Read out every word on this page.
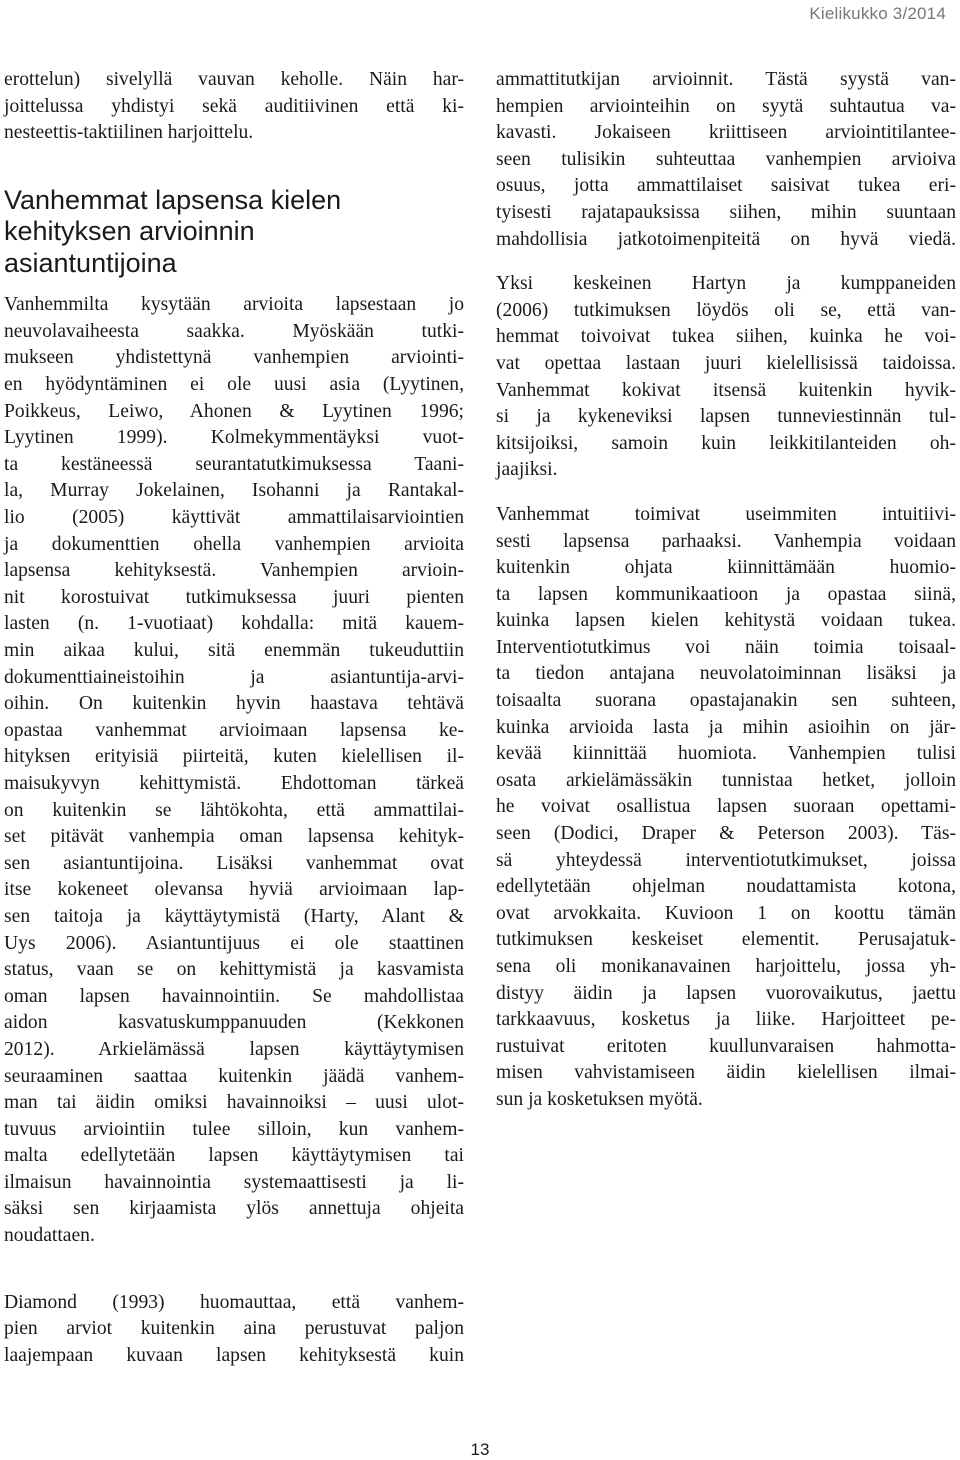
Kielikukko 3/2014
erottelun) sivelyllä vauvan keholle. Näin har-
joittelussa yhdistyi sekä auditiivinen että ki-
nesteettis-taktiilinen harjoittelu.
Vanhemmat lapsensa kielen
kehityksen arvioinnin
asiantuntijoina
Vanhemmilta kysytään arvioita lapsestaan jo
neuvolavaiheesta saakka. Myöskään tutki-
mukseen yhdistettynä vanhempien arviointi-
en hyödyntäminen ei ole uusi asia (Lyytinen,
Poikkeus, Leiwo, Ahonen & Lyytinen 1996;
Lyytinen 1999). Kolmekymmentäyksi vuot-
ta kestäneessä seurantatutkimuksessa Taani-
la, Murray Jokelainen, Isohanni ja Rantakal-
lio (2005) käyttivät ammattilaisarviointien
ja dokumenttien ohella vanhempien arvioita
lapsensa kehityksestä. Vanhempien arvioin-
nit korostuivat tutkimuksessa juuri pienten
lasten (n. 1-vuotiaat) kohdalla: mitä kauem-
min aikaa kului, sitä enemmän tukeuduttiin
dokumenttiaineistoihin ja asiantuntija-arvi-
oihin. On kuitenkin hyvin haastava tehtävä
opastaa vanhemmat arvioimaan lapsensa ke-
hityksen erityisiä piirteitä, kuten kielellisen il-
maisukyvyn kehittymistä. Ehdottoman tärkeä
on kuitenkin se lähtökohta, että ammattilai-
set pitävät vanhempia oman lapsensa kehityk-
sen asiantuntijoina. Lisäksi vanhemmat ovat
itse kokeneet olevansa hyviä arvioimaan lap-
sen taitoja ja käyttäytymistä (Harty, Alant &
Uys 2006). Asiantuntijuus ei ole staattinen
status, vaan se on kehittymistä ja kasvamista
oman lapsen havainnointiin. Se mahdollistaa
aidon kasvatuskumppanuuden (Kekkonen
2012). Arkielämässä lapsen käyttäytymisen
seuraaminen saattaa kuitenkin jäädä vanhem-
man tai äidin omiksi havainnoiksi – uusi ulot-
tuvuus arviointiin tulee silloin, kun vanhem-
malta edellytetään lapsen käyttäytymisen tai
ilmaisun havainnointia systemaattisesti ja li-
säksi sen kirjaamista ylös annettuja ohjeita
noudattaen.
Diamond (1993) huomauttaa, että vanhem-
pien arviot kuitenkin aina perustuvat paljon
laajempaan kuvaan lapsen kehityksestä kuin
ammattitutkijan arvioinnit. Tästä syystä van-
hempien arviointeihin on syytä suhtautua va-
kavasti. Jokaiseen kriittiseen arviointitilantee-
seen tulisikin suhteuttaa vanhempien arvioiva
osuus, jotta ammattilaiset saisivat tukea eri-
tyisesti rajatapauksissa siihen, mihin suuntaan
mahdollisia jatkotoimenpiteitä on hyvä viedä.
Yksi keskeinen Hartyn ja kumppaneiden
(2006) tutkimuksen löydös oli se, että van-
hemmat toivoivat tukea siihen, kuinka he voi-
vat opettaa lastaan juuri kielellisissä taidoissa.
Vanhemmat kokivat itsensä kuitenkin hyvik-
si ja kykeneviksi lapsen tunneviestinnän tul-
kitsijoiksi, samoin kuin leikkitilanteiden oh-
jaajiksi.
Vanhemmat toimivat useimmiten intuitiivi-
sesti lapsensa parhaaksi. Vanhempia voidaan
kuitenkin ohjata kiinnittämään huomio-
ta lapsen kommunikaatioon ja opastaa siinä,
kuinka lapsen kielen kehitystä voidaan tukea.
Interventiotutkimus voi näin toimia toisaal-
ta tiedon antajana neuvolatoiminnan lisäksi ja
toisaalta suorana opastajanakin sen suhteen,
kuinka arvioida lasta ja mihin asioihin on jär-
kevää kiinnittää huomiota. Vanhempien tulisi
osata arkielämässäkin tunnistaa hetket, jolloin
he voivat osallistua lapsen suoraan opettami-
seen (Dodici, Draper & Peterson 2003). Täs-
sä yhteydessä interventiotutkimukset, joissa
edellytetään ohjelman noudattamista kotona,
ovat arvokkaita. Kuvioon 1 on koottu tämän
tutkimuksen keskeiset elementit. Perusajatuk-
sena oli monikanavainen harjoittelu, jossa yh-
distyy äidin ja lapsen vuorovaikutus, jaettu
tarkkaavuus, kosketus ja liike. Harjoitteet pe-
rustuivat eritoten kuullunvaraisen hahmotta-
misen vahvistamiseen äidin kielellisen ilmai-
sun ja kosketuksen myötä.
13
